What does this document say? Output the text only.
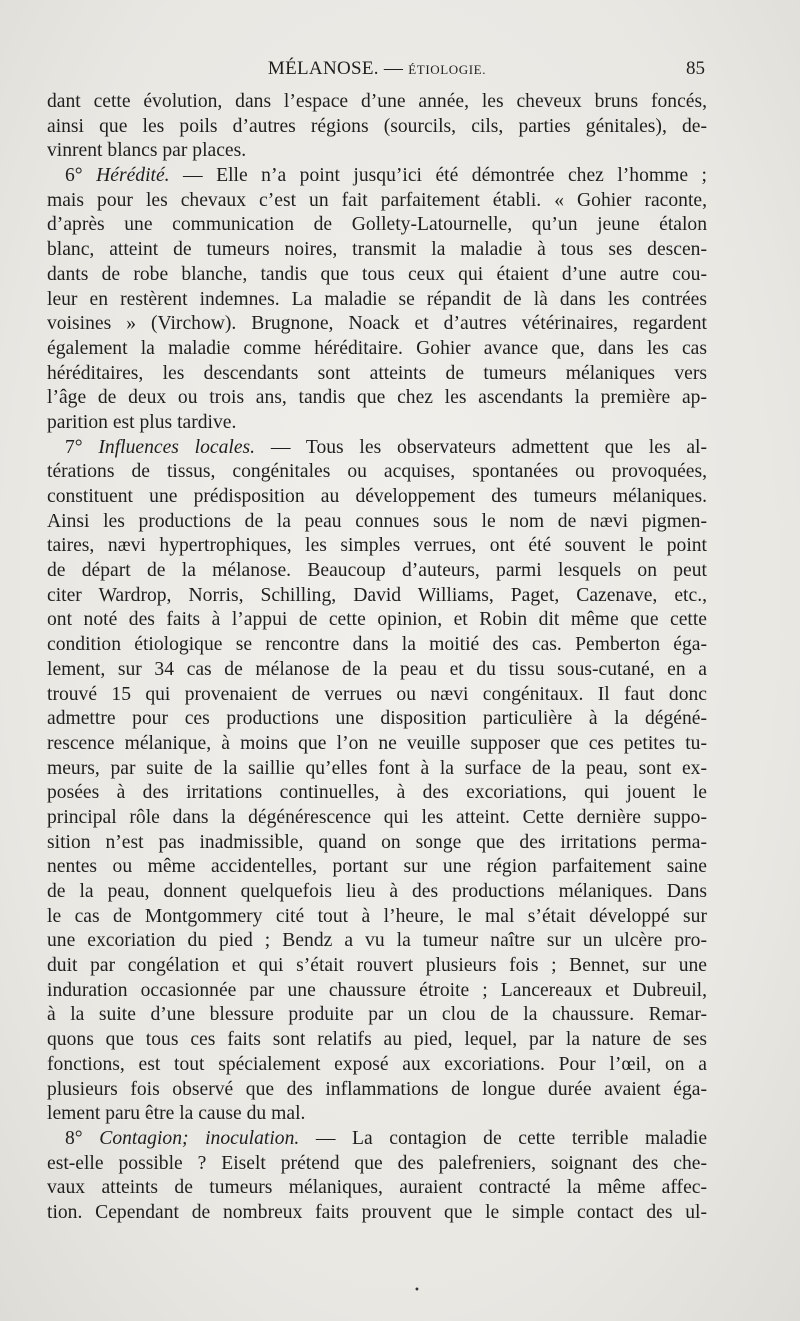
MÉLANOSE. — ÉTIOLOGIE.	85
dant cette évolution, dans l’espace d’une année, les cheveux bruns foncés,
ainsi que les poils d’autres régions (sourcils, cils, parties génitales), de-
vinrent blancs par places.
6° Hérédité. — Elle n’a point jusqu’ici été démontrée chez l’homme ;
mais pour les chevaux c’est un fait parfaitement établi. « Gohier raconte,
d’après une communication de Gollety-Latournelle, qu’un jeune étalon
blanc, atteint de tumeurs noires, transmit la maladie à tous ses descen-
dants de robe blanche, tandis que tous ceux qui étaient d’une autre cou-
leur en restèrent indemnes. La maladie se répandit de là dans les contrées
voisines » (Virchow). Brugnone, Noack et d’autres vétérinaires, regardent
également la maladie comme héréditaire. Gohier avance que, dans les cas
héréditaires, les descendants sont atteints de tumeurs mélaniques vers
l’âge de deux ou trois ans, tandis que chez les ascendants la première ap-
parition est plus tardive.
7° Influences locales. — Tous les observateurs admettent que les al-
térations de tissus, congénitales ou acquises, spontanées ou provoquées,
constituent une prédisposition au développement des tumeurs mélaniques.
Ainsi les productions de la peau connues sous le nom de nævi pigmen-
taires, nævi hypertrophiques, les simples verrues, ont été souvent le point
de départ de la mélanose. Beaucoup d’auteurs, parmi lesquels on peut
citer Wardrop, Norris, Schilling, David Williams, Paget, Cazenave, etc.,
ont noté des faits à l’appui de cette opinion, et Robin dit même que cette
condition étiologique se rencontre dans la moitié des cas. Pemberton éga-
lement, sur 34 cas de mélanose de la peau et du tissu sous-cutané, en a
trouvé 15 qui provenaient de verrues ou nævi congénitaux. Il faut donc
admettre pour ces productions une disposition particulière à la dégéné-
rescence mélanique, à moins que l’on ne veuille supposer que ces petites tu-
meurs, par suite de la saillie qu’elles font à la surface de la peau, sont ex-
posées à des irritations continuelles, à des excoriations, qui jouent le
principal rôle dans la dégénérescence qui les atteint. Cette dernière suppo-
sition n’est pas inadmissible, quand on songe que des irritations perma-
nentes ou même accidentelles, portant sur une région parfaitement saine
de la peau, donnent quelquefois lieu à des productions mélaniques. Dans
le cas de Montgommery cité tout à l’heure, le mal s’était développé sur
une excoriation du pied ; Bendz a vu la tumeur naître sur un ulcère pro-
duit par congélation et qui s’était rouvert plusieurs fois ; Bennet, sur une
induration occasionnée par une chaussure étroite ; Lancereaux et Dubreuil,
à la suite d’une blessure produite par un clou de la chaussure. Remar-
quons que tous ces faits sont relatifs au pied, lequel, par la nature de ses
fonctions, est tout spécialement exposé aux excoriations. Pour l’œil, on a
plusieurs fois observé que des inflammations de longue durée avaient éga-
lement paru être la cause du mal.
8° Contagion; inoculation. — La contagion de cette terrible maladie
est-elle possible ? Eiselt prétend que des palefreniers, soignant des che-
vaux atteints de tumeurs mélaniques, auraient contracté la même affec-
tion. Cependant de nombreux faits prouvent que le simple contact des ul-
•
